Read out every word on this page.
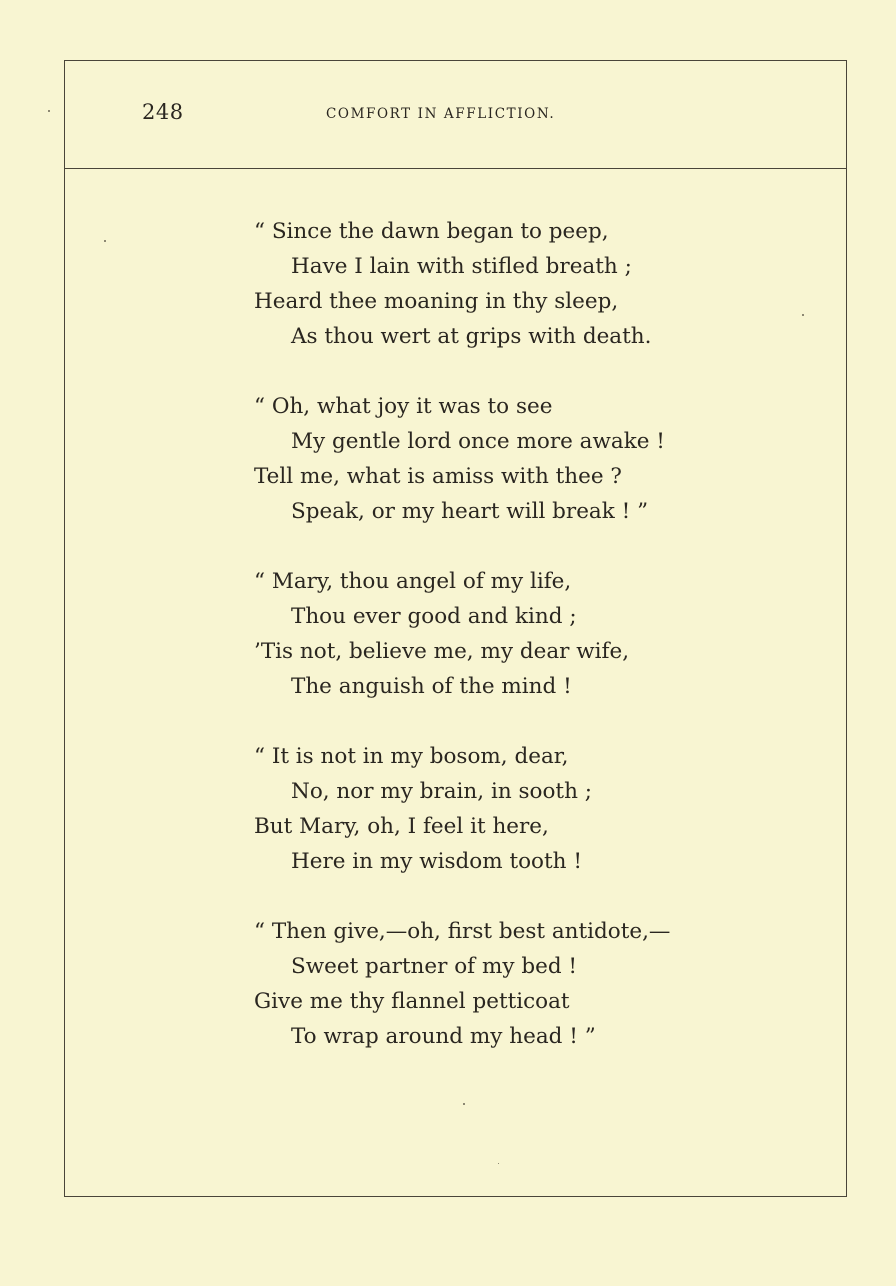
248	COMFORT IN AFFLICTION.
“ Since the dawn began to peep,
Have I lain with stifled breath ;
Heard thee moaning in thy sleep,
As thou wert at grips with death.
“ Oh, what joy it was to see
My gentle lord once more awake !
Tell me, what is amiss with thee ?
Speak, or my heart will break ! ”
“ Mary, thou angel of my life,
Thou ever good and kind ;
’Tis not, believe me, my dear wife,
The anguish of the mind !
“ It is not in my bosom, dear,
No, nor my brain, in sooth ;
But Mary, oh, I feel it here,
Here in my wisdom tooth !
“ Then give,—oh, first best antidote,—
Sweet partner of my bed !
Give me thy flannel petticoat
To wrap around my head ! ”
